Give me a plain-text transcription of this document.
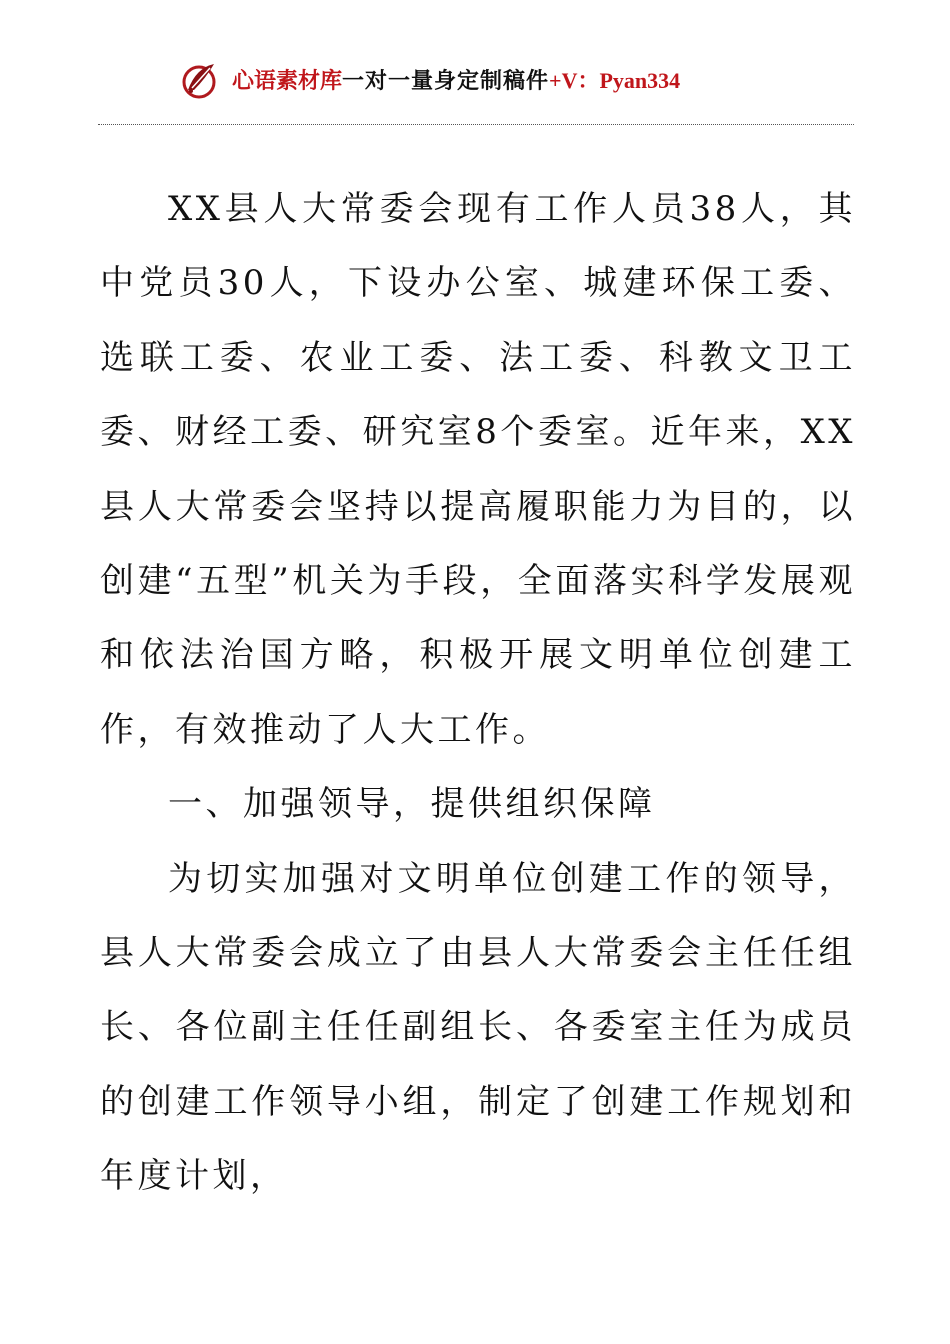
心语素材库一对一量身定制稿件+V：Pyan334

XX县人大常委会现有工作人员38人，其中党员30人，下设办公室、城建环保工委、选联工委、农业工委、法工委、科教文卫工委、财经工委、研究室8个委室。近年来，XX县人大常委会坚持以提高履职能力为目的，以创建“五型”机关为手段，全面落实科学发展观和依法治国方略，积极开展文明单位创建工作，有效推动了人大工作。

一、加强领导，提供组织保障

为切实加强对文明单位创建工作的领导，县人大常委会成立了由县人大常委会主任任组长、各位副主任任副组长、各委室主任为成员的创建工作领导小组，制定了创建工作规划和年度计划，
